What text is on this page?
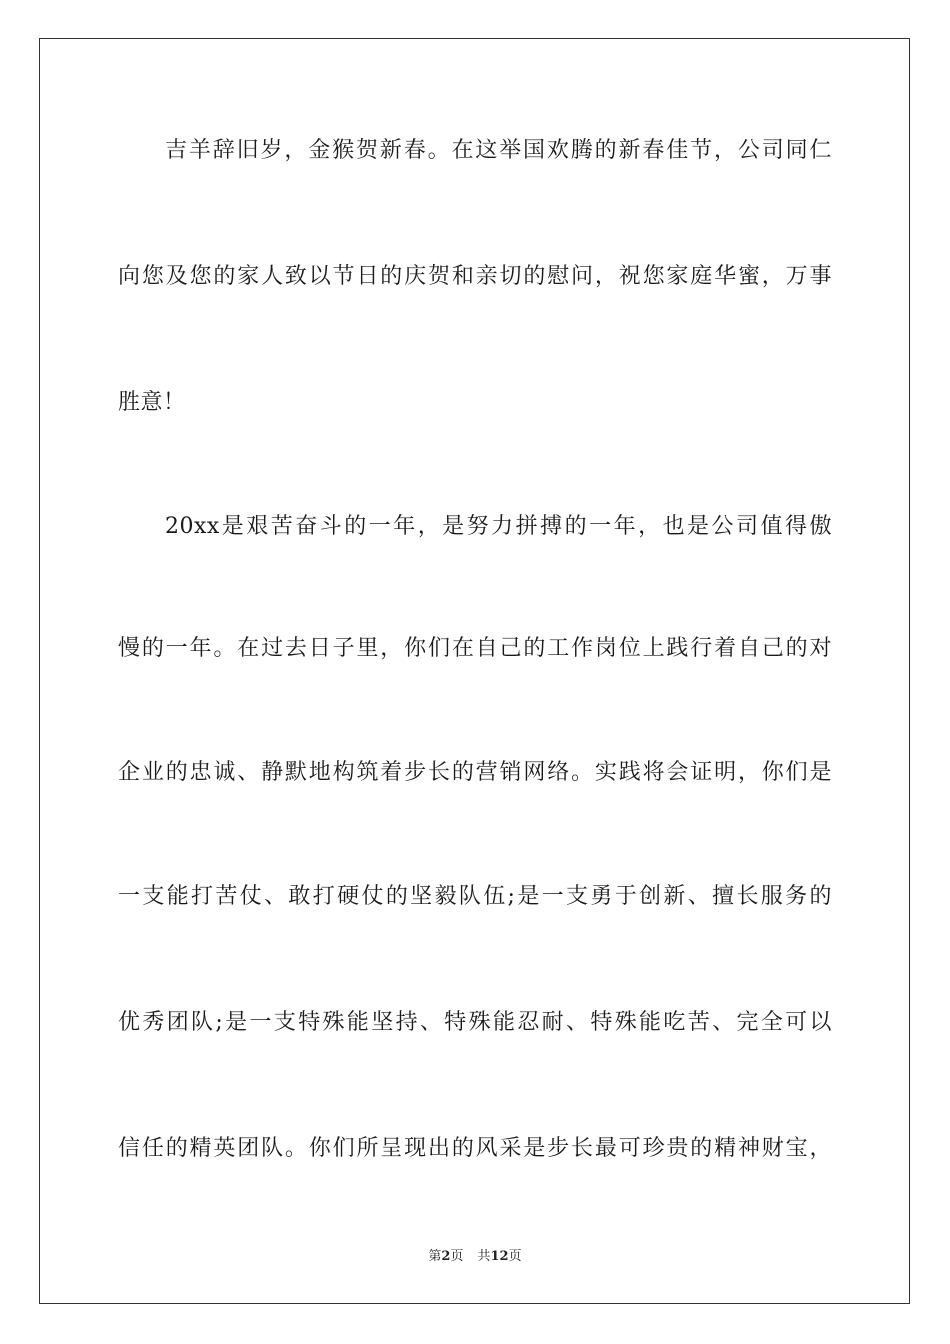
吉羊辞旧岁，金猴贺新春。在这举国欢腾的新春佳节，公司同仁
向您及您的家人致以节日的庆贺和亲切的慰问，祝您家庭华蜜，万事
胜意！
20xx是艰苦奋斗的一年，是努力拼搏的一年，也是公司值得傲
慢的一年。在过去日子里，你们在自己的工作岗位上践行着自己的对
企业的忠诚、静默地构筑着步长的营销网络。实践将会证明，你们是
一支能打苦仗、敢打硬仗的坚毅队伍;是一支勇于创新、擅长服务的
优秀团队;是一支特殊能坚持、特殊能忍耐、特殊能吃苦、完全可以
信任的精英团队。你们所呈现出的风采是步长最可珍贵的精神财宝，
第2页 共12页
